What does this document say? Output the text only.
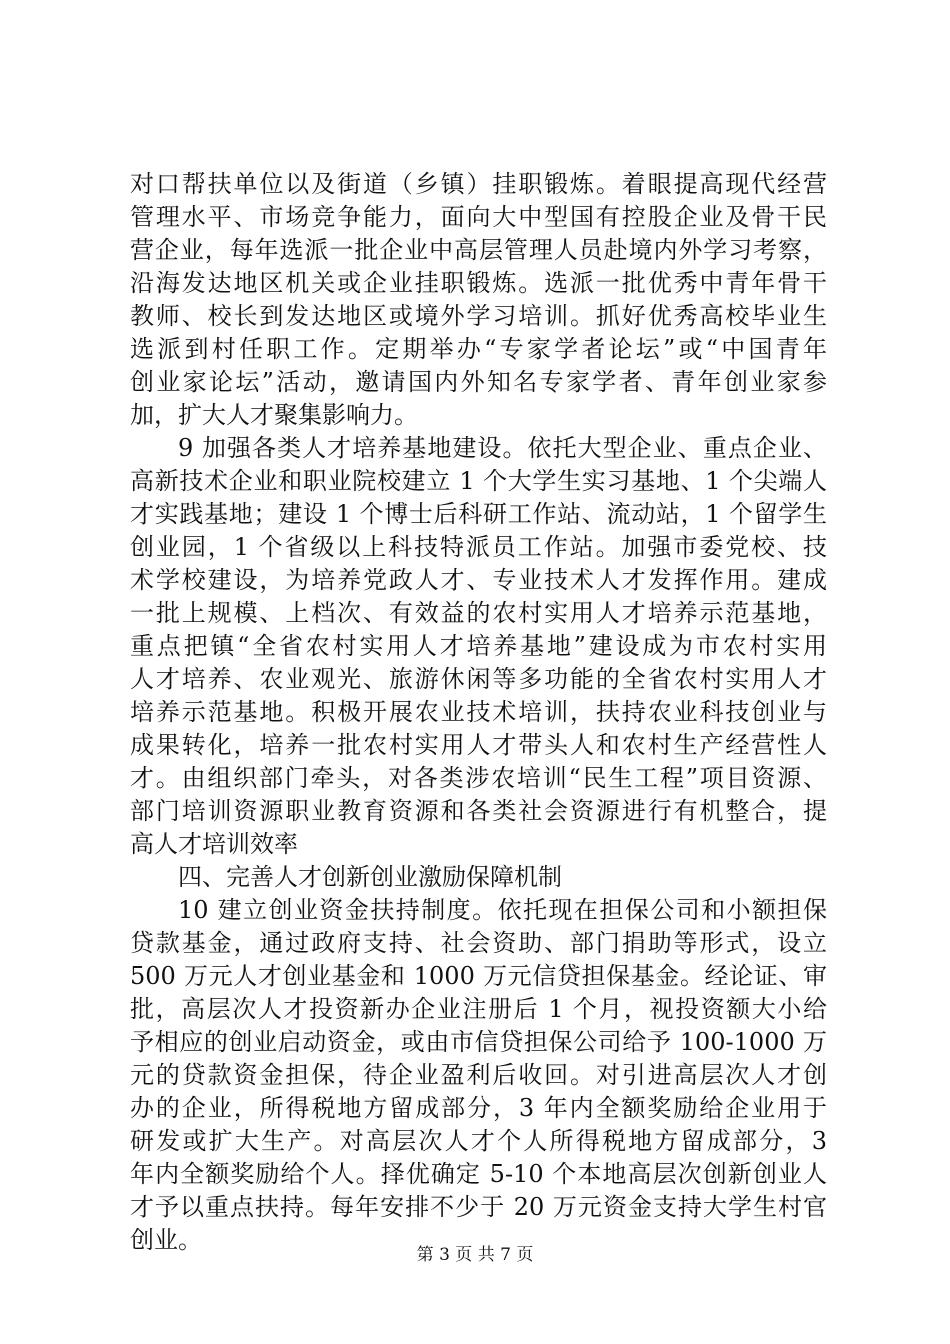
对口帮扶单位以及街道（乡镇）挂职锻炼。着眼提高现代经营

管理水平、市场竞争能力，面向大中型国有控股企业及骨干民

营企业，每年选派一批企业中高层管理人员赴境内外学习考察，

沿海发达地区机关或企业挂职锻炼。选派一批优秀中青年骨干

教师、校长到发达地区或境外学习培训。抓好优秀高校毕业生

选派到村任职工作。定期举办“专家学者论坛”或“中国青年

创业家论坛”活动，邀请国内外知名专家学者、青年创业家参

加，扩大人才聚集影响力。

9 加强各类人才培养基地建设。依托大型企业、重点企业、

高新技术企业和职业院校建立 1 个大学生实习基地、1 个尖端人

才实践基地；建设 1 个博士后科研工作站、流动站，1 个留学生

创业园，1 个省级以上科技特派员工作站。加强市委党校、技

术学校建设，为培养党政人才、专业技术人才发挥作用。建成

一批上规模、上档次、有效益的农村实用人才培养示范基地，

重点把镇“全省农村实用人才培养基地”建设成为市农村实用

人才培养、农业观光、旅游休闲等多功能的全省农村实用人才

培养示范基地。积极开展农业技术培训，扶持农业科技创业与

成果转化，培养一批农村实用人才带头人和农村生产经营性人

才。由组织部门牵头，对各类涉农培训“民生工程”项目资源、

部门培训资源职业教育资源和各类社会资源进行有机整合，提

高人才培训效率

四、完善人才创新创业激励保障机制

10 建立创业资金扶持制度。依托现在担保公司和小额担保

贷款基金，通过政府支持、社会资助、部门捐助等形式，设立

500 万元人才创业基金和 1000 万元信贷担保基金。经论证、审

批，高层次人才投资新办企业注册后 1 个月，视投资额大小给

予相应的创业启动资金，或由市信贷担保公司给予 100-1000 万

元的贷款资金担保，待企业盈利后收回。对引进高层次人才创

办的企业，所得税地方留成部分，3 年内全额奖励给企业用于

研发或扩大生产。对高层次人才个人所得税地方留成部分，3

年内全额奖励给个人。择优确定 5-10 个本地高层次创新创业人

才予以重点扶持。每年安排不少于 20 万元资金支持大学生村官

创业。

第 3 页 共 7 页
